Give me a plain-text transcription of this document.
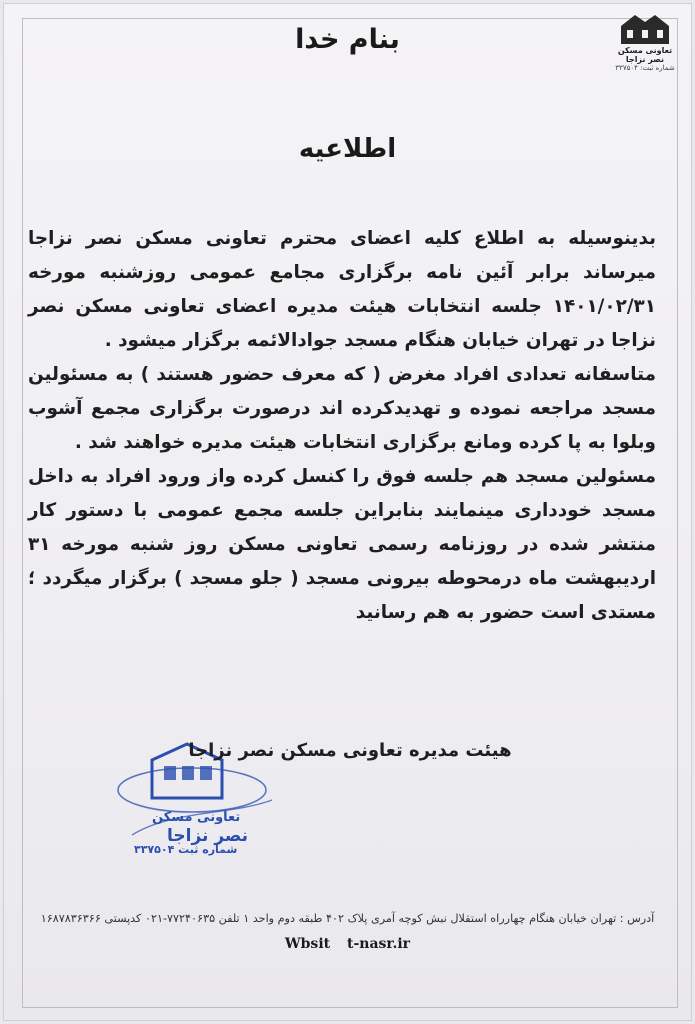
تعاونی مسکن
نصر نزاجا
شماره ثبت: ۳۳۷۵۰۴
بنام خدا
اطلاعیه

بدینوسیله به اطلاع کلیه اعضای محترم تعاونی مسکن نصر نزاجا میرساند برابر آئین نامه برگزاری مجامع عمومی روزشنبه مورخه ۱۴۰۱/۰۲/۳۱ جلسه انتخابات هیئت مدیره اعضای تعاونی مسکن نصر نزاجا در تهران خیابان هنگام مسجد جوادالائمه برگزار میشود .

متاسفانه تعدادی افراد مغرض ( که معرف حضور هستند ) به مسئولین مسجد مراجعه نموده و تهدیدکرده اند درصورت برگزاری مجمع آشوب وبلوا به پا کرده ومانع برگزاری انتخابات هیئت مدیره خواهند شد .

مسئولین مسجد هم جلسه فوق را کنسل کرده واز ورود افراد به داخل مسجد خودداری مینمایند بنابراین جلسه مجمع عمومی با دستور کار منتشر شده در روزنامه رسمی تعاونی مسکن روز شنبه مورخه ۳۱ اردیبهشت ماه درمحوطه بیرونی مسجد ( جلو مسجد ) برگزار میگردد ؛ مستدی است حضور به هم رسانید

تعاونی مسکن
نصر نزاجا
شماره ثبت ۳۳۷۵۰۴
هیئت مدیره تعاونی مسکن نصر نزاجا
آدرس : تهران خیابان هنگام چهارراه استقلال نبش کوچه آمری پلاک ۴۰۲ طبقه دوم واحد ۱ تلفن ۷۷۲۴۰۶۳۵-۰۲۱ کدپستی ۱۶۸۷۸۳۶۳۶۶
Wbsit t-nasr.ir
